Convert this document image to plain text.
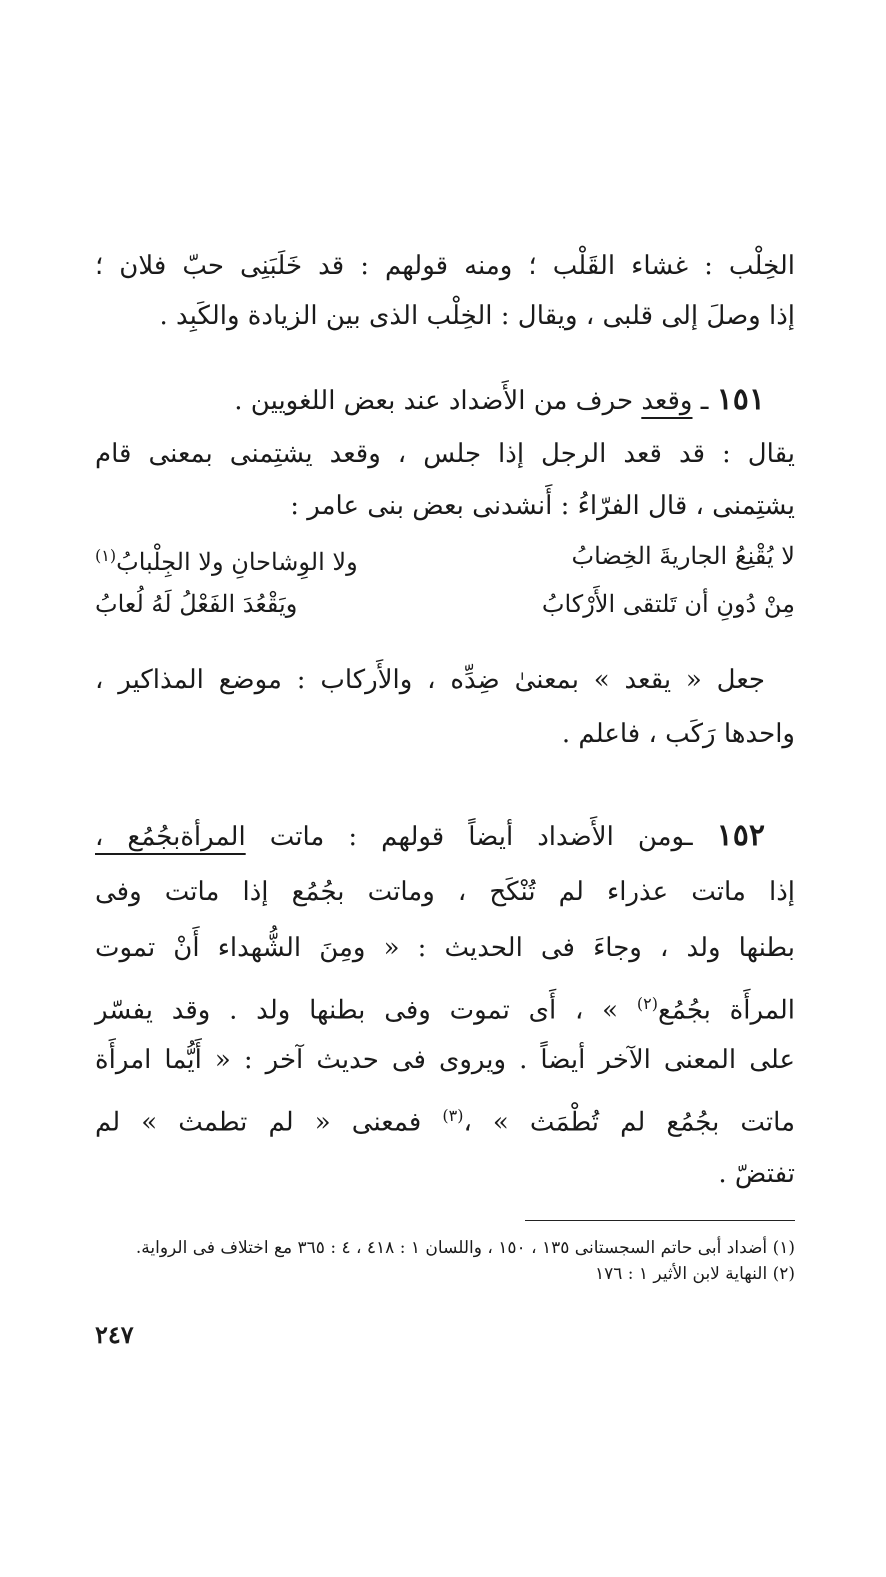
الخِلْب : غشاء القَلْب ؛ ومنه قولهم : قد خَلَبَنِى حبّ فلان ؛

إذا وصلَ إلى قلبى ، ويقال : الخِلْب الذى بين الزيادة والكَبِد .

١٥١ ـ وقعد حرف من الأَضداد عند بعض اللغويين .

يقال : قد قعد الرجل إذا جلس ، وقعد يشتِمنى بمعنى قام

يشتِمنى ، قال الفرّاءُ : أَنشدنى بعض بنى عامر :

لا يُقْنِعُ الجاريةَ الخِضابُ
ولا الوِشاحانِ ولا الجِلْبابُ$^{(١)}$
مِنْ دُونِ أن تَلتقى الأَرْكابُ
ويَقْعُدَ الفَعْلُ لَهُ لُعابُ

جعل « يقعد » بمعنىٰ ضِدِّه ، والأَركاب : موضع المذاكير ،

واحدها رَكَب ، فاعلم .

١٥٢ ـومن الأَضداد أيضاً قولهم : ماتت المرأةبجُمُع ،

إذا ماتت عذراء لم تُنْكَح ، وماتت بجُمُع إذا ماتت وفى

بطنها ولد ، وجاءَ فى الحديث : « ومِنَ الشُّهداء أَنْ تموت

المرأَة بجُمُع$^{(٢)}$ » ، أَى تموت وفى بطنها ولد . وقد يفسّر

على المعنى الآخر أيضاً . ويروى فى حديث آخر : « أَيُّما امرأَة

ماتت بجُمُع لم تُطْمَث » ،$^{(٣)}$ فمعنى « لم تطمث » لم

تفتضّ .

(١) أضداد أبى حاتم السجستانى ١٣٥ ، ١٥٠ ، واللسان ١ : ٤١٨ ، ٤ : ٣٦٥ مع اختلاف فى الرواية.
(٢) النهاية لابن الأثير ١ : ١٧٦
٢٤٧
